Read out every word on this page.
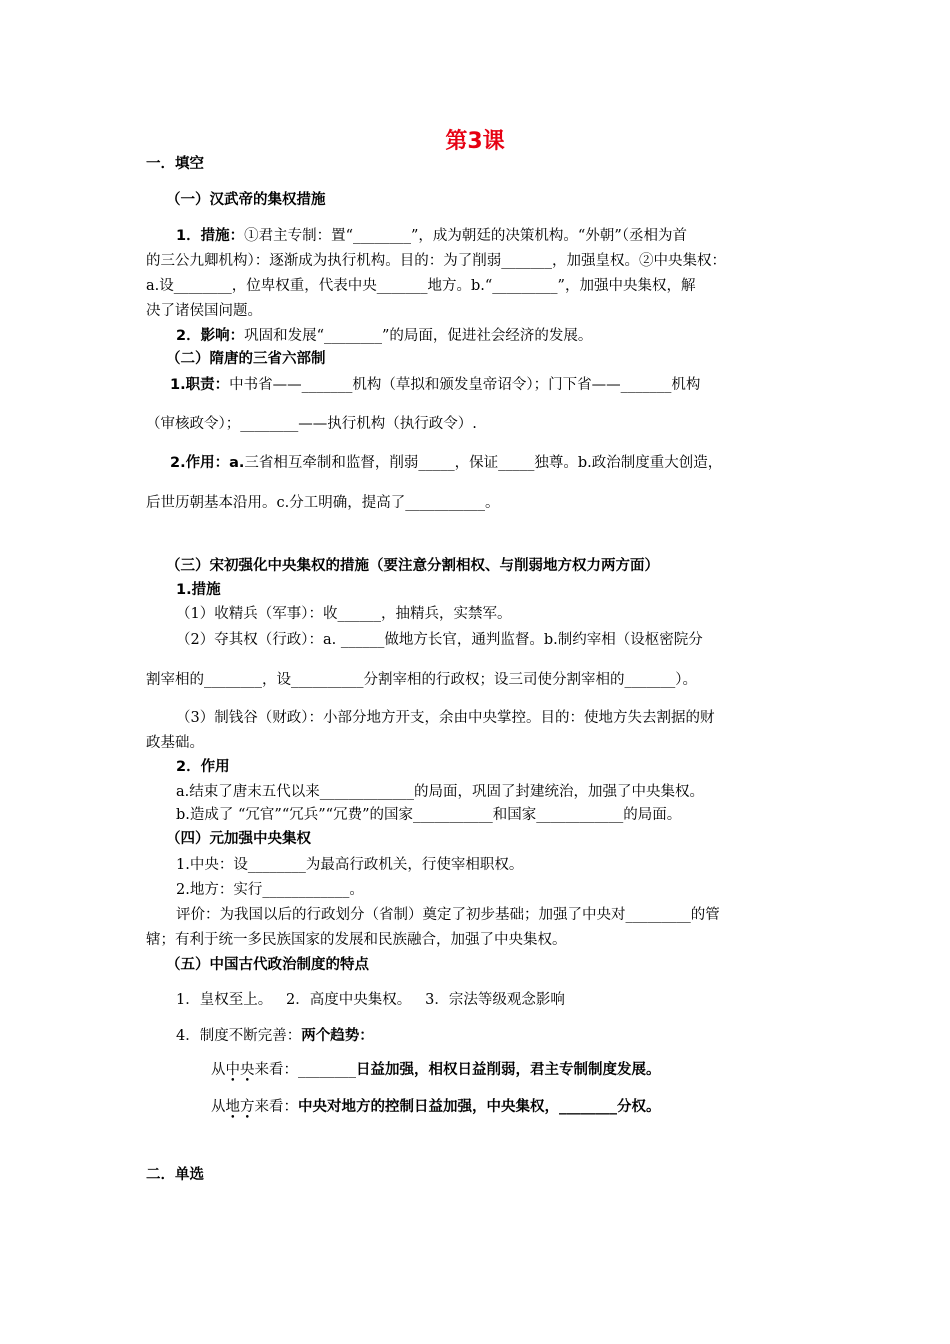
第3课
一．填空
（一）汉武帝的集权措施
1．措施：①君主专制：置“________”，成为朝廷的决策机构。“外朝”（丞相为首
的三公九卿机构）：逐渐成为执行机构。目的：为了削弱_______，加强皇权。②中央集权：
a.设________，位卑权重，代表中央_______地方。b.“_________”，加强中央集权，解
决了诸侯国问题。
2．影响：巩固和发展“________”的局面，促进社会经济的发展。
（二）隋唐的三省六部制
1.职责：中书省——_______机构（草拟和颁发皇帝诏令）；门下省——_______机构
（审核政令）；________——执行机构（执行政令）.
2.作用：a.三省相互牵制和监督，削弱_____，保证_____独尊。b.政治制度重大创造，
后世历朝基本沿用。c.分工明确，提高了___________。
（三）宋初强化中央集权的措施（要注意分割相权、与削弱地方权力两方面）
1.措施
（1）收精兵（军事）：收______，抽精兵，实禁军。
（2）夺其权（行政）：a. ______做地方长官，通判监督。b.制约宰相（设枢密院分
割宰相的________，设__________分割宰相的行政权；设三司使分割宰相的_______）。
（3）制钱谷（财政）：小部分地方开支，余由中央掌控。目的：使地方失去割据的财
政基础。
2．作用
a.结束了唐末五代以来_____________的局面，巩固了封建统治，加强了中央集权。
b.造成了 “冗官”“冗兵”“冗费”的国家___________和国家____________的局面。
（四）元加强中央集权
1.中央：设________为最高行政机关，行使宰相职权。
2.地方：实行____________。
评价：为我国以后的行政划分（省制）奠定了初步基础；加强了中央对_________的管
辖；有利于统一多民族国家的发展和民族融合，加强了中央集权。
（五）中国古代政治制度的特点
1．皇权至上。   2．高度中央集权。   3．宗法等级观念影响
4．制度不断完善：两个趋势：
从中央来看：________日益加强，相权日益削弱，君主专制制度发展。
从地方来看：中央对地方的控制日益加强，中央集权，________分权。
二．单选
